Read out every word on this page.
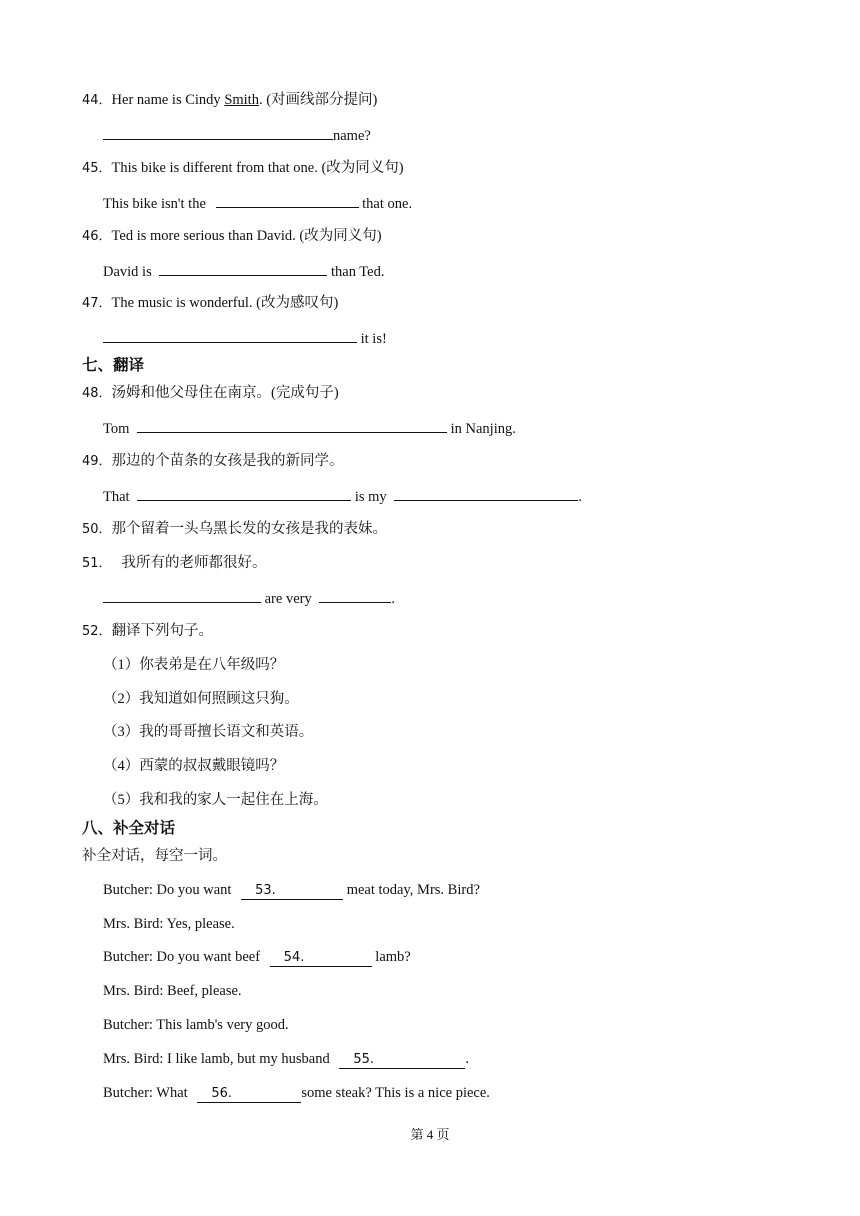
44．Her name is Cindy Smith. (对画线部分提问)
name?
45．This bike is different from that one. (改为同义句)
This bike isn't the	that one.
46．Ted is more serious than David. (改为同义句)
David is	than Ted.
47．The music is wonderful. (改为感叹句)
it is!
七、翻译
48．汤姆和他父母住在南京。(完成句子)
Tom	in Nanjing.
49．那边的个苗条的女孩是我的新同学。
That	is my	.
50．那个留着一头乌黑长发的女孩是我的表妹。
51． 我所有的老师都很好。
are very	.
52．翻译下列句子。
（1）你表弟是在八年级吗？
（2）我知道如何照顾这只狗。
（3）我的哥哥擅长语文和英语。
（4）西蒙的叔叔戴眼镜吗？
（5）我和我的家人一起住在上海。
八、补全对话
补全对话，每空一词。
Butcher: Do you want 53.	meat today, Mrs. Bird?
Mrs. Bird: Yes, please.
Butcher: Do you want beef 54.	lamb?
Mrs. Bird: Beef, please.
Butcher: This lamb's very good.
Mrs. Bird: I like lamb, but my husband 55.	.
Butcher: What 56.	some steak? This is a nice piece.
第 4 页
